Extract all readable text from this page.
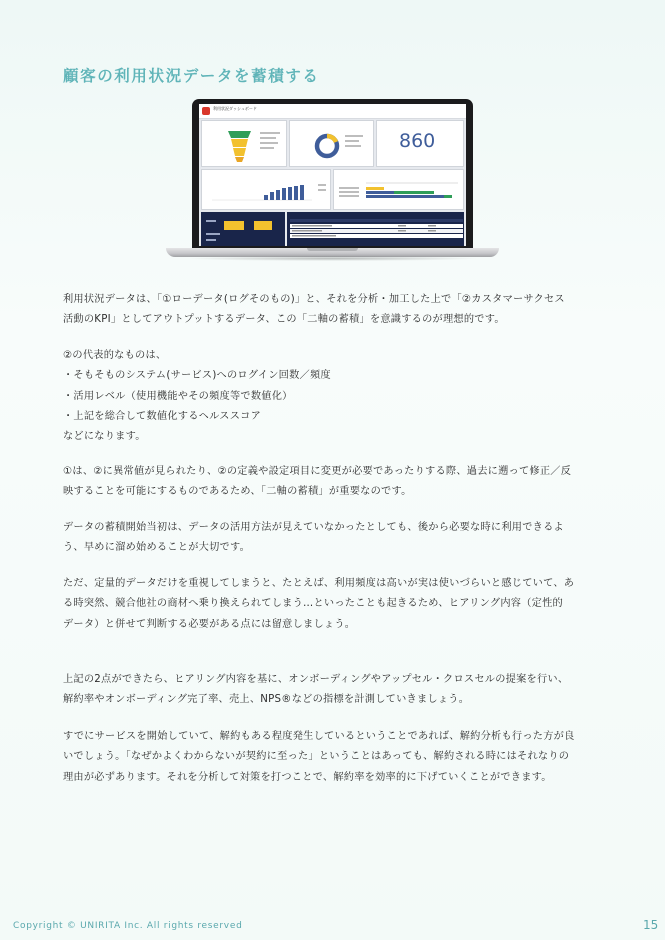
顧客の利用状況データを蓄積する
利用状況ダッシュボード
860
利用状況データは、「①ローデータ(ログそのもの)」と、それを分析・加工した上で「②カスタマーサクセス
活動のKPI」としてアウトプットするデータ、この「二軸の蓄積」を意識するのが理想的です。
②の代表的なものは、
・そもそものシステム(サービス)へのログイン回数／頻度
・活用レベル（使用機能やその頻度等で数値化）
・上記を総合して数値化するヘルススコア
などになります。
①は、②に異常値が見られたり、②の定義や設定項目に変更が必要であったりする際、過去に遡って修正／反
映することを可能にするものであるため、「二軸の蓄積」が重要なのです。
データの蓄積開始当初は、データの活用方法が見えていなかったとしても、後から必要な時に利用できるよ
う、早めに溜め始めることが大切です。
ただ、定量的データだけを重視してしまうと、たとえば、利用頻度は高いが実は使いづらいと感じていて、あ
る時突然、競合他社の商材へ乗り換えられてしまう…といったことも起きるため、ヒアリング内容（定性的
データ）と併せて判断する必要がある点には留意しましょう。
上記の2点ができたら、ヒアリング内容を基に、オンボーディングやアップセル・クロスセルの提案を行い、
解約率やオンボーディング完了率、売上、NPS®などの指標を計測していきましょう。
すでにサービスを開始していて、解約もある程度発生しているということであれば、解約分析も行った方が良
いでしょう。「なぜかよくわからないが契約に至った」ということはあっても、解約される時にはそれなりの
理由が必ずあります。それを分析して対策を打つことで、解約率を効率的に下げていくことができます。
Copyright © UNIRITA Inc. All rights reserved	15
